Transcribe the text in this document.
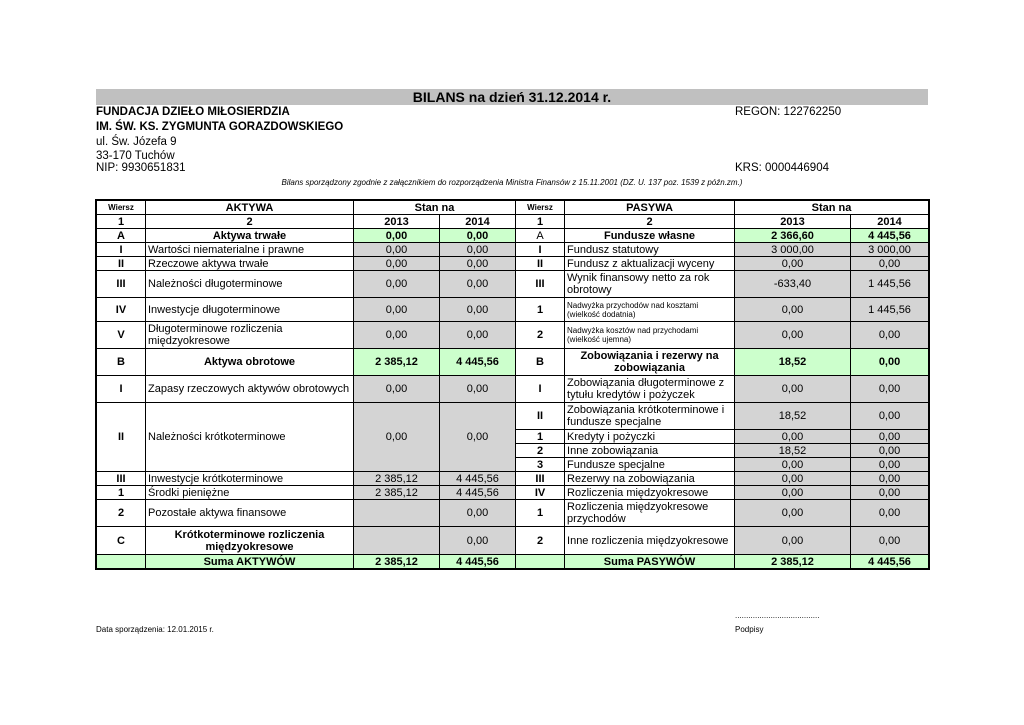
BILANS na dzień 31.12.2014 r.
FUNDACJA DZIEŁO MIŁOSIERDZIA
IM. ŚW. KS. ZYGMUNTA GORAZDOWSKIEGO
ul. Św. Józefa 9
33-170 Tuchów
NIP: 9930651831
REGON: 122762250
KRS: 0000446904
Bilans sporządzony zgodnie z załącznikiem do rozporządzenia Ministra Finansów z 15.11.2001 (DZ. U. 137 poz. 1539 z późn.zm.)
Wiersz	AKTYWA	Stan na		Wiersz	PASYWA	Stan na	
1	2	2013	2014	1	2	2013	2014
A	Aktywa trwałe	0,00	0,00	A	Fundusze własne	2 366,60	4 445,56
I	Wartości niematerialne i prawne	0,00	0,00	I	Fundusz statutowy	3 000,00	3 000,00
II	Rzeczowe aktywa trwałe	0,00	0,00	II	Fundusz z aktualizacji wyceny	0,00	0,00
III	Należności długoterminowe	0,00	0,00	III	Wynik finansowy netto za rok obrotowy	-633,40	1 445,56
IV	Inwestycje długoterminowe	0,00	0,00	1	Nadwyżka przychodów nad kosztami (wielkość dodatnia)	0,00	1 445,56
V	Długoterminowe rozliczenia międzyokresowe	0,00	0,00	2	Nadwyżka kosztów nad przychodami (wielkość ujemna)	0,00	0,00
B	Aktywa obrotowe	2 385,12	4 445,56	B	Zobowiązania i rezerwy na zobowiązania	18,52	0,00
I	Zapasy rzeczowych aktywów obrotowych	0,00	0,00	I	Zobowiązania długoterminowe z tytułu kredytów i pożyczek	0,00	0,00
II	Należności krótkoterminowe	0,00	0,00	II	Zobowiązania krótkoterminowe i fundusze specjalne	18,52	0,00
				1	Kredyty i pożyczki	0,00	0,00
				2	Inne zobowiązania	18,52	0,00
				3	Fundusze specjalne	0,00	0,00
III	Inwestycje krótkoterminowe	2 385,12	4 445,56	III	Rezerwy na zobowiązania	0,00	0,00
1	Środki pieniężne	2 385,12	4 445,56	IV	Rozliczenia międzyokresowe	0,00	0,00
2	Pozostałe aktywa finansowe		0,00	1	Rozliczenia międzyokresowe przychodów	0,00	0,00
C	Krótkoterminowe rozliczenia międzyokresowe		0,00	2	Inne rozliczenia międzyokresowe	0,00	0,00
	Suma AKTYWÓW	2 385,12	4 445,56		Suma PASYWÓW	2 385,12	4 445,56
Data sporządzenia: 12.01.2015 r.
......................................
Podpisy
